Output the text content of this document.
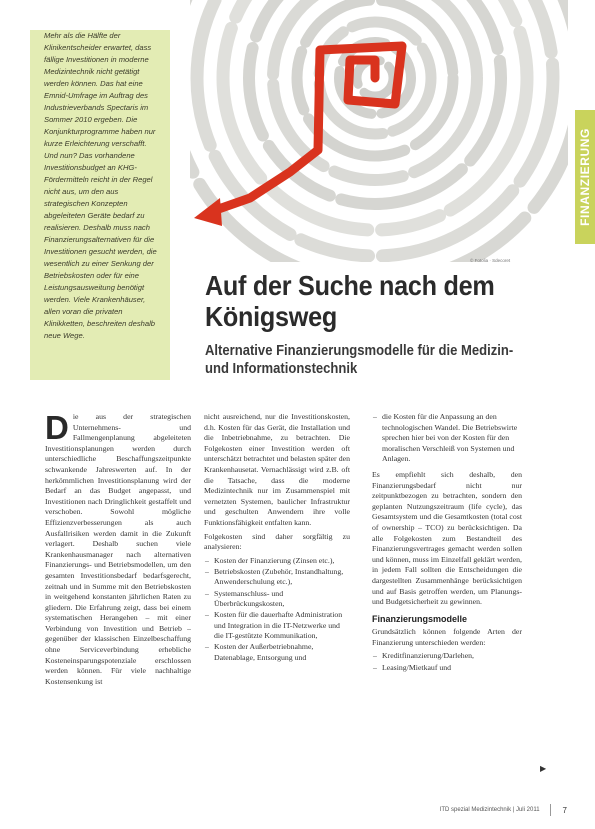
Mehr als die Hälfte der Klinikentscheider erwartet, dass fällige Investitionen in moderne Medizintechnik nicht getätigt werden können. Das hat eine Emnid-Umfrage im Auftrag des Industrieverbands Spectaris im Sommer 2010 ergeben. Die Konjunkturprogramme haben nur kurze Erleichterung verschafft. Und nun? Das vorhandene Investitionsbudget an KHG-Fördermitteln reicht in der Regel nicht aus, um den aus strategischen Konzepten abgeleiteten Geräte bedarf zu realisieren. Deshalb muss nach Finanzierungsalternativen für die Investitionen gesucht werden, die wesentlich zu einer Senkung der Betriebskosten oder für eine Leistungsausweitung benötigt werden. Viele Krankenhäuser, allen voran die privaten Klinikketten, beschreiten deshalb neue Wege.

© Fotolia · Sdecoret
FINANZIERUNG
Auf der Suche nach dem Königsweg
Alternative Finanzierungsmodelle für die Medizin- und Informationstechnik

Die aus der strategischen Unternehmens- und Fallmengenplanung abgeleiteten Investitionsplanungen werden durch unterschiedliche Beschaffungszeitpunkte schwankende Jahreswerten auf. In der herkömmlichen Investitionsplanung wird der Bedarf an das Budget angepasst, und Investitionen nach Dringlichkeit gestaffelt und verschoben. Sowohl mögliche Effizienzverbesserungen als auch Ausfallrisiken werden damit in die Zukunft verlagert. Deshalb suchen viele Krankenhausmanager nach alternativen Finanzierungs- und Betriebsmodellen, um den gesamten Investitionsbedarf bedarfsgerecht, zeitnah und in Summe mit den Betriebskosten in weitgehend konstanten jährlichen Raten zu gliedern. Die Erfahrung zeigt, dass bei einem systematischen Herangehen – mit einer Verbindung von Investition und Betrieb – gegenüber der klassischen Einzelbeschaffung ohne Serviceverbindung erhebliche Kosteneinsparungspotenziale erschlossen werden können. Für viele nachhaltige Kostensenkung ist

nicht ausreichend, nur die Investitionskosten, d.h. Kosten für das Gerät, die Installation und die Inbetriebnahme, zu betrachten. Die Folgekosten einer Investition werden oft unterschätzt betrachtet und belasten später den Krankenhausetat. Vernachlässigt wird z.B. oft die Tatsache, dass die moderne Medizintechnik nur im Zusammenspiel mit vernetzten Systemen, baulicher Infrastruktur und geschulten Anwendern ihre volle Funktionsfähigkeit entfalten kann.

Folgekosten sind daher sorgfältig zu analysieren:

– Kosten der Finanzierung (Zinsen etc.),
– Betriebskosten (Zubehör, Instandhaltung, Anwenderschulung etc.),
– Systemanschluss- und Überbrückungskosten,
– Kosten für die dauerhafte Administration und Integration in die IT-Netzwerke und die IT-gestützte Kommunikation,
– Kosten der Außerbetriebnahme, Datenablage, Entsorgung und
– die Kosten für die Anpassung an den technologischen Wandel. Die Betriebswirte sprechen hier bei von der Kosten für den moralischen Verschleiß von Systemen und Anlagen.

Es empfiehlt sich deshalb, den Finanzierungsbedarf nicht nur zeitpunktbezogen zu betrachten, sondern den geplanten Nutzungszeitraum (life cycle), das Gesamtsystem und die Gesamtkosten (total cost of ownership – TCO) zu berücksichtigen. Da alle Folgekosten zum Bestandteil des Finanzierungsvertrages gemacht werden sollen und können, muss im Einzelfall geklärt werden, in jedem Fall sollten die Entscheidungen die dargestellten Zusammenhänge berücksichtigen und auf Basis getroffen werden, um Planungs- und Budgetsicherheit zu gewinnen.

Finanzierungsmodelle

Grundsätzlich können folgende Arten der Finanzierung unterschieden werden:

– Kreditfinanzierung/Darlehen,
– Leasing/Mietkauf und
▶
ITD spezial Medizintechnik | Juli 2011	7
